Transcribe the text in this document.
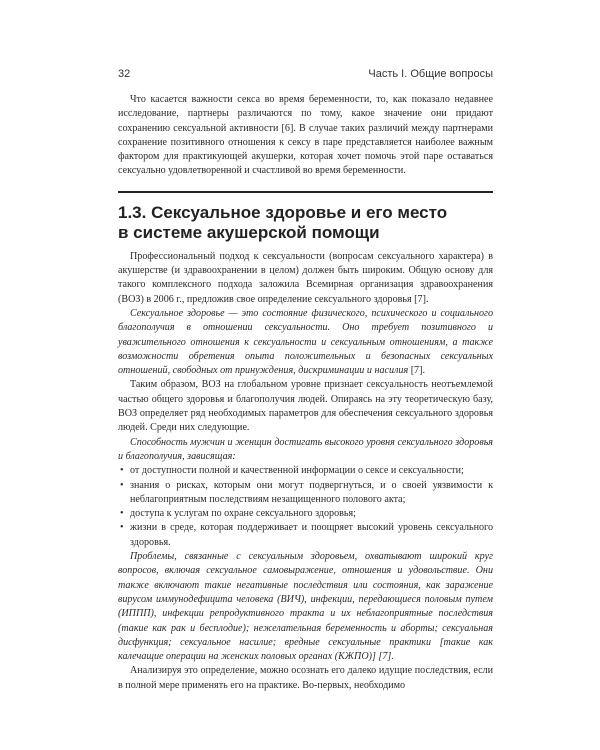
32	Часть I. Общие вопросы

Что касается важности секса во время беременности, то, как показало недавнее исследование, партнеры различаются по тому, какое значение они придают сохранению сексуальной активности [6]. В случае таких различий между партнерами сохранение позитивного отношения к сексу в паре представляется наиболее важным фактором для практикующей акушерки, которая хочет помочь этой паре оставаться сексуально удовлетворенной и счастливой во время беременности.

1.3. Сексуальное здоровье и его место
в системе акушерской помощи

Профессиональный подход к сексуальности (вопросам сексуального характера) в акушерстве (и здравоохранении в целом) должен быть широким. Общую основу для такого комплексного подхода заложила Всемирная организация здравоохранения (ВОЗ) в 2006 г., предложив свое определение сексуального здоровья [7].

Сексуальное здоровье — это состояние физического, психического и социального благополучия в отношении сексуальности. Оно требует позитивного и уважительного отношения к сексуальности и сексуальным отношениям, а также возможности обретения опыта положительных и безопасных сексуальных отношений, свободных от принуждения, дискриминации и насилия [7].

Таким образом, ВОЗ на глобальном уровне признает сексуальность неотъемлемой частью общего здоровья и благополучия людей. Опираясь на эту теоретическую базу, ВОЗ определяет ряд необходимых параметров для обеспечения сексуального здоровья людей. Среди них следующие.

Способность мужчин и женщин достигать высокого уровня сексуального здоровья и благополучия, зависящая:

• от доступности полной и качественной информации о сексе и сексуальности;
• знания о рисках, которым они могут подвергнуться, и о своей уязвимости к неблагоприятным последствиям незащищенного полового акта;
• доступа к услугам по охране сексуального здоровья;
• жизни в среде, которая поддерживает и поощряет высокий уровень сексуального здоровья.

Проблемы, связанные с сексуальным здоровьем, охватывают широкий круг вопросов, включая сексуальное самовыражение, отношения и удовольствие. Они также включают такие негативные последствия или состояния, как заражение вирусом иммунодефицита человека (ВИЧ), инфекции, передающиеся половым путем (ИППП), инфекции репродуктивного тракта и их неблагоприятные последствия (такие как рак и бесплодие); нежелательная беременность и аборты; сексуальная дисфункция; сексуальное насилие; вредные сексуальные практики [такие как калечащие операции на женских половых органах (КЖПО)] [7].

Анализируя это определение, можно осознать его далеко идущие последствия, если в полной мере применять его на практике. Во-первых, необходимо
